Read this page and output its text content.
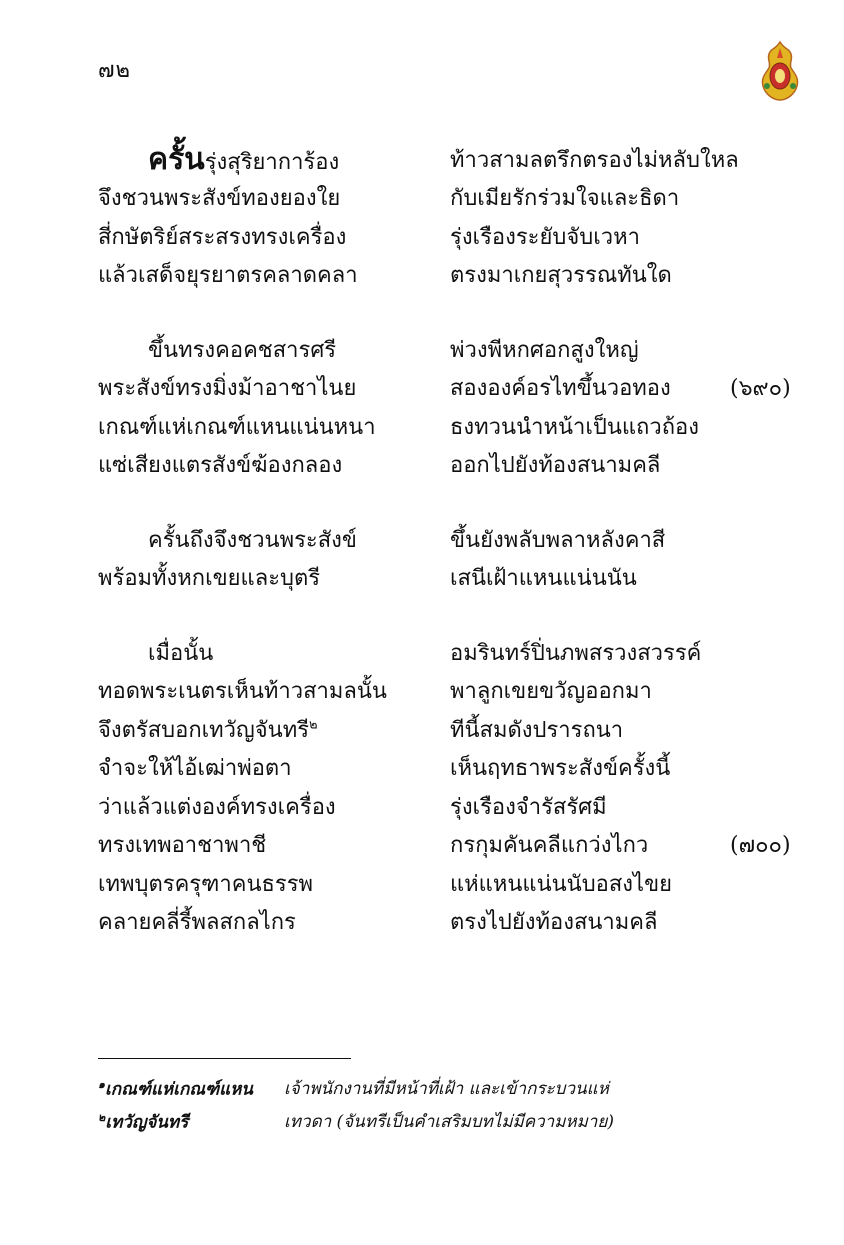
๗๒
ครั้นรุ่งสุริยาการ้อง	ท้าวสามลตรึกตรองไม่หลับใหล
จึงชวนพระสังข์ทองยองใย	กับเมียรักร่วมใจและธิดา
สี่กษัตริย์สระสรงทรงเครื่อง	รุ่งเรืองระยับจับเวหา
แล้วเสด็จยุรยาตรคลาดคลา	ตรงมาเกยสุวรรณทันใด
ขึ้นทรงคอคชสารศรี	พ่วงพีหกศอกสูงใหญ่
พระสังข์ทรงมิ่งม้าอาชาไนย	สององค์อรไทขึ้นวอทอง	(๖๙๐)
เกณฑ์แห่เกณฑ์แหนแน่นหนา	ธงทวนนำหน้าเป็นแถวถ้อง
แซ่เสียงแตรสังข์ฆ้องกลอง	ออกไปยังท้องสนามคลี
ครั้นถึงจึงชวนพระสังข์	ขึ้นยังพลับพลาหลังคาสี
พร้อมทั้งหกเขยและบุตรี	เสนีเฝ้าแหนแน่นนัน
เมื่อนั้น	อมรินทร์ปิ่นภพสรวงสวรรค์
ทอดพระเนตรเห็นท้าวสามลนั้น	พาลูกเขยขวัญออกมา
จึงตรัสบอกเทวัญจันทรี$^๒$	ทีนี้สมดังปรารถนา
จำจะให้ไอ้เฒ่าพ่อตา	เห็นฤทธาพระสังข์ครั้งนี้
ว่าแล้วแต่งองค์ทรงเครื่อง	รุ่งเรืองจำรัสรัศมี
ทรงเทพอาชาพาชี	กรกุมคันคลีแกว่งไกว	(๗๐๐)
เทพบุตรครุฑาคนธรรพ	แห่แหนแน่นนับอสงไขย
คลายคลี่รี้พลสกลไกร	ตรงไปยังท้องสนามคลี
$^๑$เกณฑ์แห่เกณฑ์แหน	เจ้าพนักงานที่มีหน้าที่เฝ้า และเข้ากระบวนแห่
$^๒$เทวัญจันทรี	เทวดา (จันทรีเป็นคำเสริมบทไม่มีความหมาย)
